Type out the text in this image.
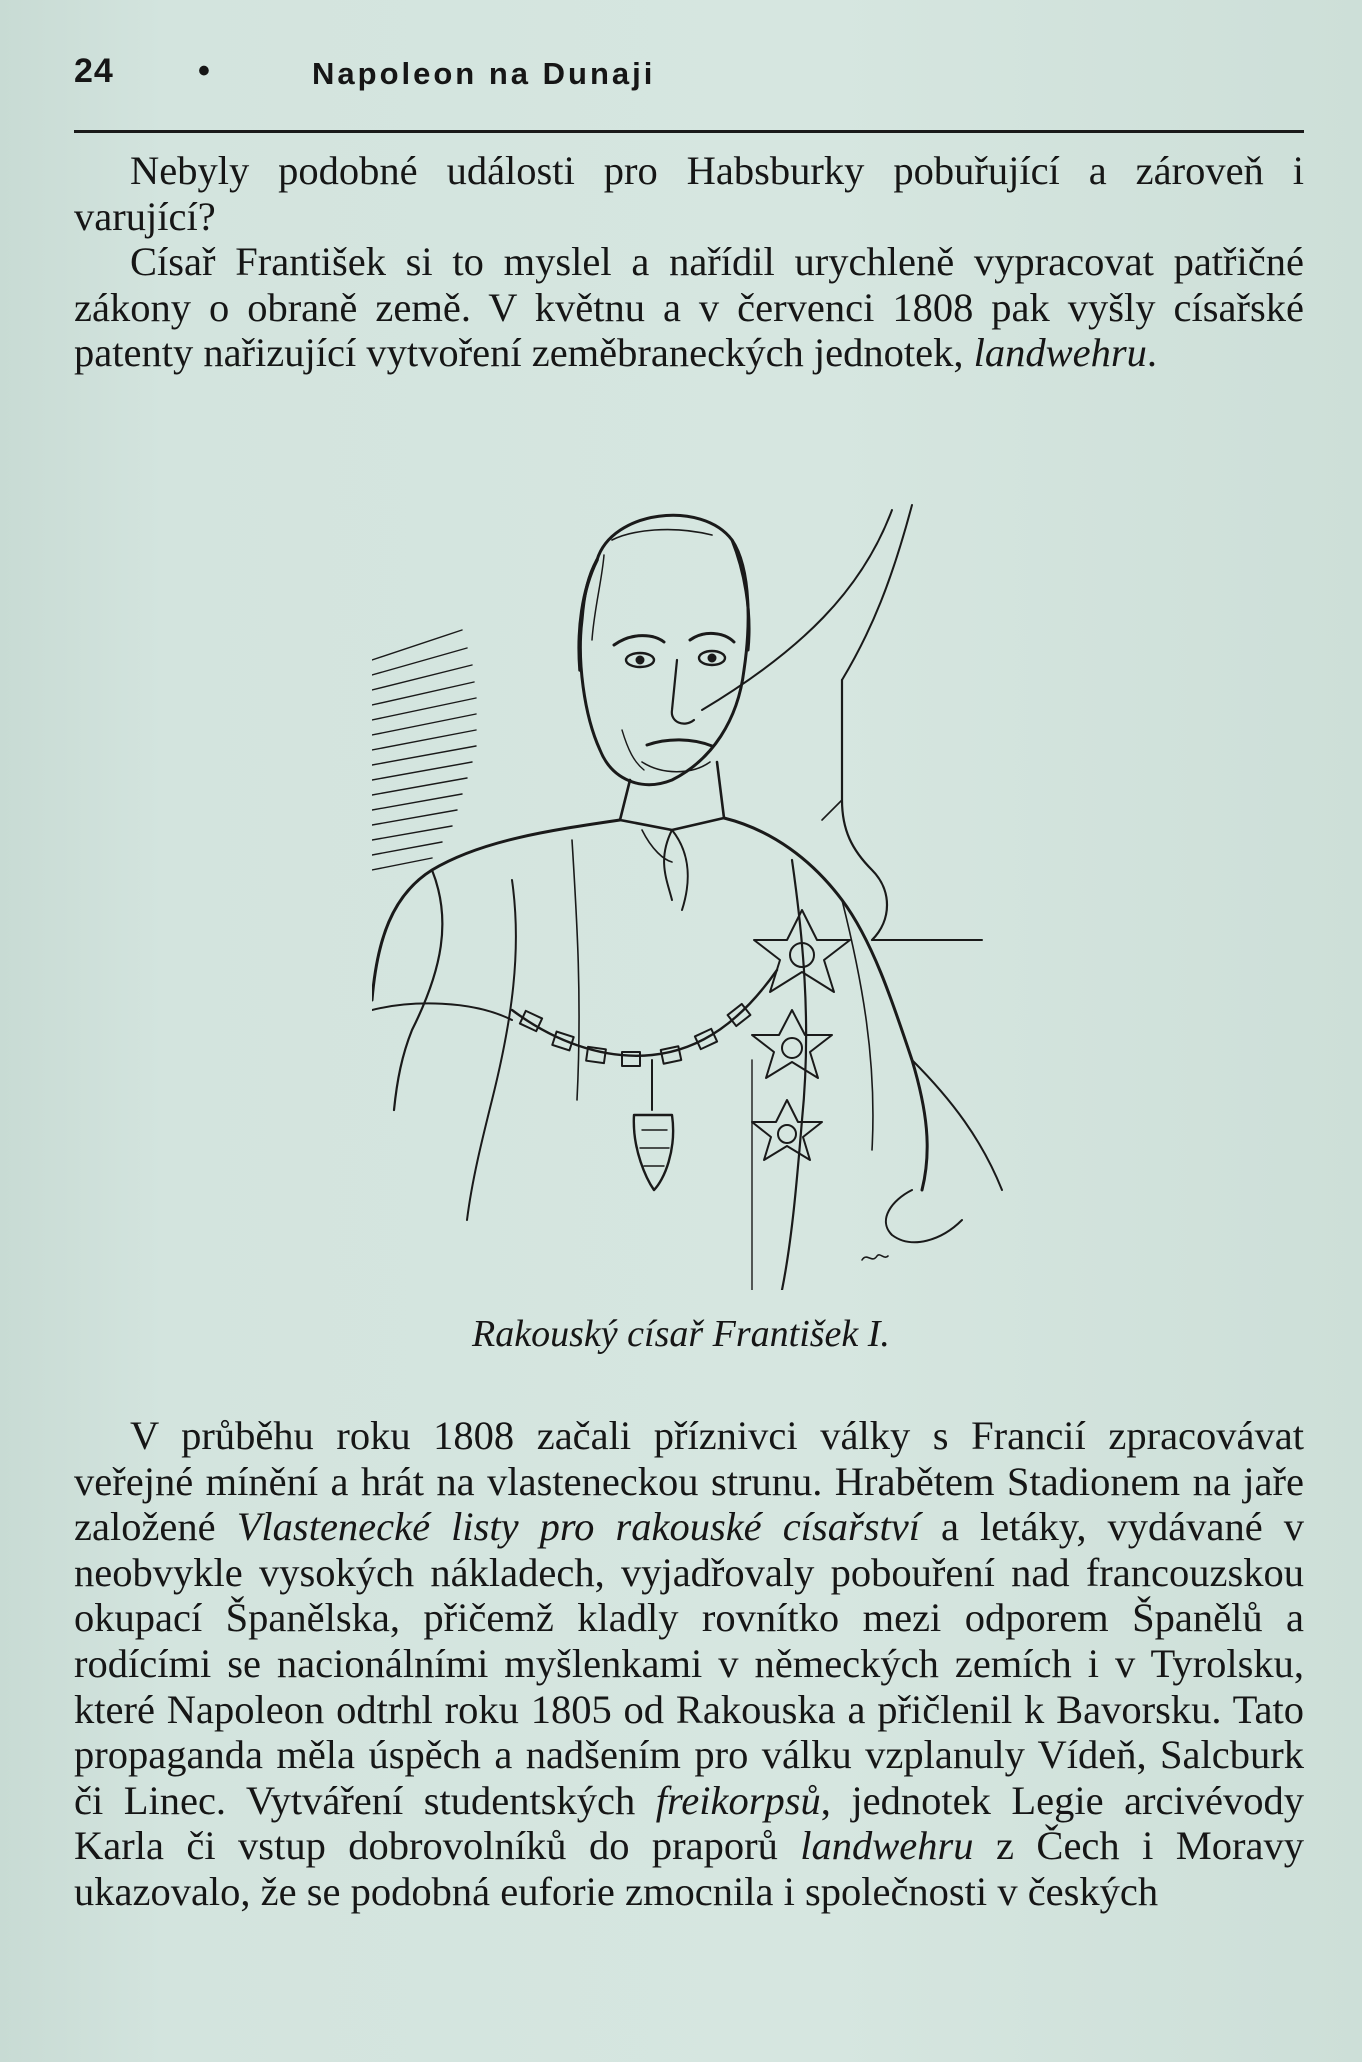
24 •	Napoleon na Dunaji

Nebyly podobné události pro Habsburky pobuřující a zároveň i varující?

Císař František si to myslel a nařídil urychleně vypracovat patřičné zákony o obraně země. V květnu a v červenci 1808 pak vyšly císařské patenty nařizující vytvoření zeměbraneckých jednotek, landwehru.

Rakouský císař František I.

V průběhu roku 1808 začali příznivci války s Francií zpracovávat veřejné mínění a hrát na vlasteneckou strunu. Hrabětem Stadionem na jaře založené Vlastenecké listy pro rakouské císařství a letáky, vydávané v neobvykle vysokých nákladech, vyjadřovaly pobouření nad francouzskou okupací Španělska, přičemž kladly rovnítko mezi odporem Španělů a rodícími se nacionálními myšlenkami v německých zemích i v Tyrolsku, které Napoleon odtrhl roku 1805 od Rakouska a přičlenil k Bavorsku. Tato propaganda měla úspěch a nadšením pro válku vzplanuly Vídeň, Salcburk či Linec. Vytváření studentských freikorpsů, jednotek Legie arcivévody Karla či vstup dobrovolníků do praporů landwehru z Čech i Moravy ukazovalo, že se podobná euforie zmocnila i společnosti v českých
